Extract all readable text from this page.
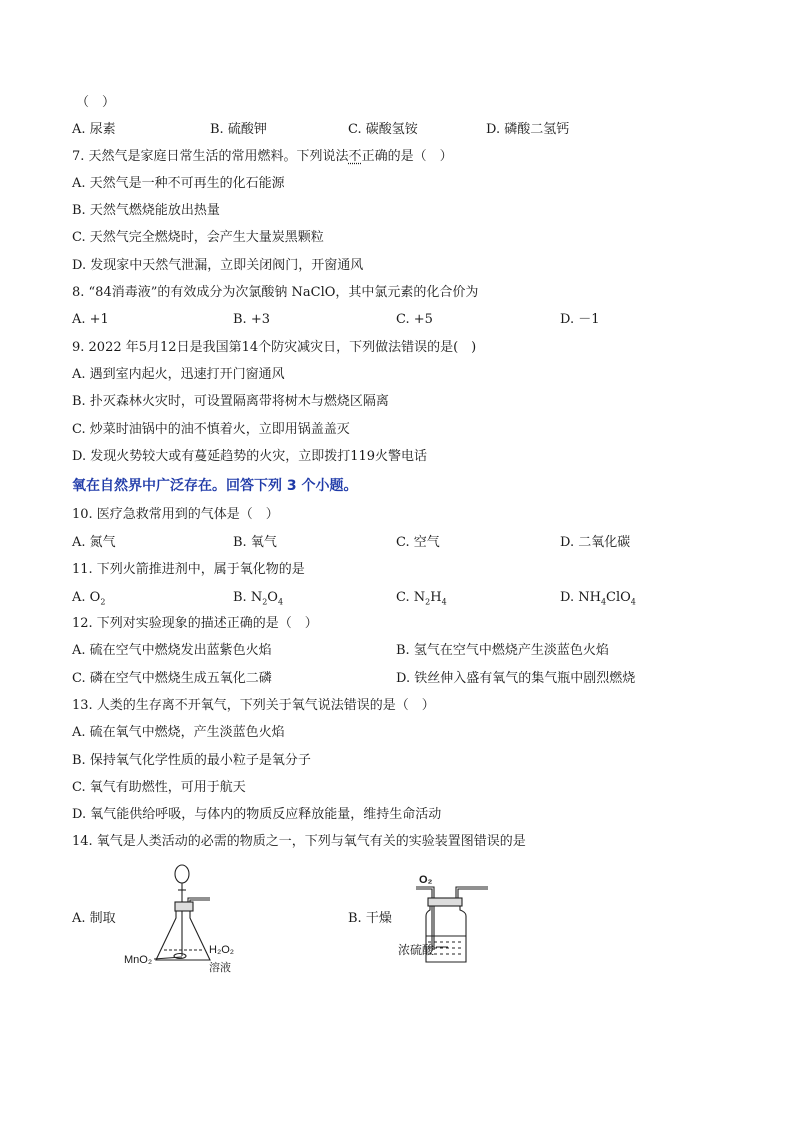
（　）
A. 尿素	B. 硫酸钾	C. 碳酸氢铵	D. 磷酸二氢钙
7. 天然气是家庭日常生活的常用燃料。下列说法不正确的是（　）
A. 天然气是一种不可再生的化石能源
B. 天然气燃烧能放出热量
C. 天然气完全燃烧时，会产生大量炭黑颗粒
D. 发现家中天然气泄漏，立即关闭阀门，开窗通风
8. “84消毒液”的有效成分为次氯酸钠 NaClO，其中氯元素的化合价为
A. +1	B. +3	C. +5	D. －1
9. 2022 年5月12日是我国第14个防灾减灾日，下列做法错误的是(　)
A. 遇到室内起火，迅速打开门窗通风
B. 扑灭森林火灾时，可设置隔离带将树木与燃烧区隔离
C. 炒菜时油锅中的油不慎着火，立即用锅盖盖灭
D. 发现火势较大或有蔓延趋势的火灾，立即拨打119火警电话
氧在自然界中广泛存在。回答下列 3 个小题。
10. 医疗急救常用到的气体是（　）
A. 氮气	B. 氧气	C. 空气	D. 二氧化碳
11. 下列火箭推进剂中，属于氧化物的是
A. $O_2$	B. $N_2O_4$	C. $N_2H_4$	D. $NH_4ClO_4$
12. 下列对实验现象的描述正确的是（　）
A. 硫在空气中燃烧发出蓝紫色火焰	B. 氢气在空气中燃烧产生淡蓝色火焰
C. 磷在空气中燃烧生成五氧化二磷	D. 铁丝伸入盛有氧气的集气瓶中剧烈燃烧
13. 人类的生存离不开氧气，下列关于氧气说法错误的是（　）
A. 硫在氧气中燃烧，产生淡蓝色火焰
B. 保持氧气化学性质的最小粒子是氧分子
C. 氧气有助燃性，可用于航天
D. 氧气能供给呼吸，与体内的物质反应释放能量，维持生命活动
14. 氧气是人类活动的必需的物质之一，下列与氧气有关的实验装置图错误的是
A. 制取	B. 干燥
MnO₂
H₂O₂
溶液
O₂
浓硫酸
